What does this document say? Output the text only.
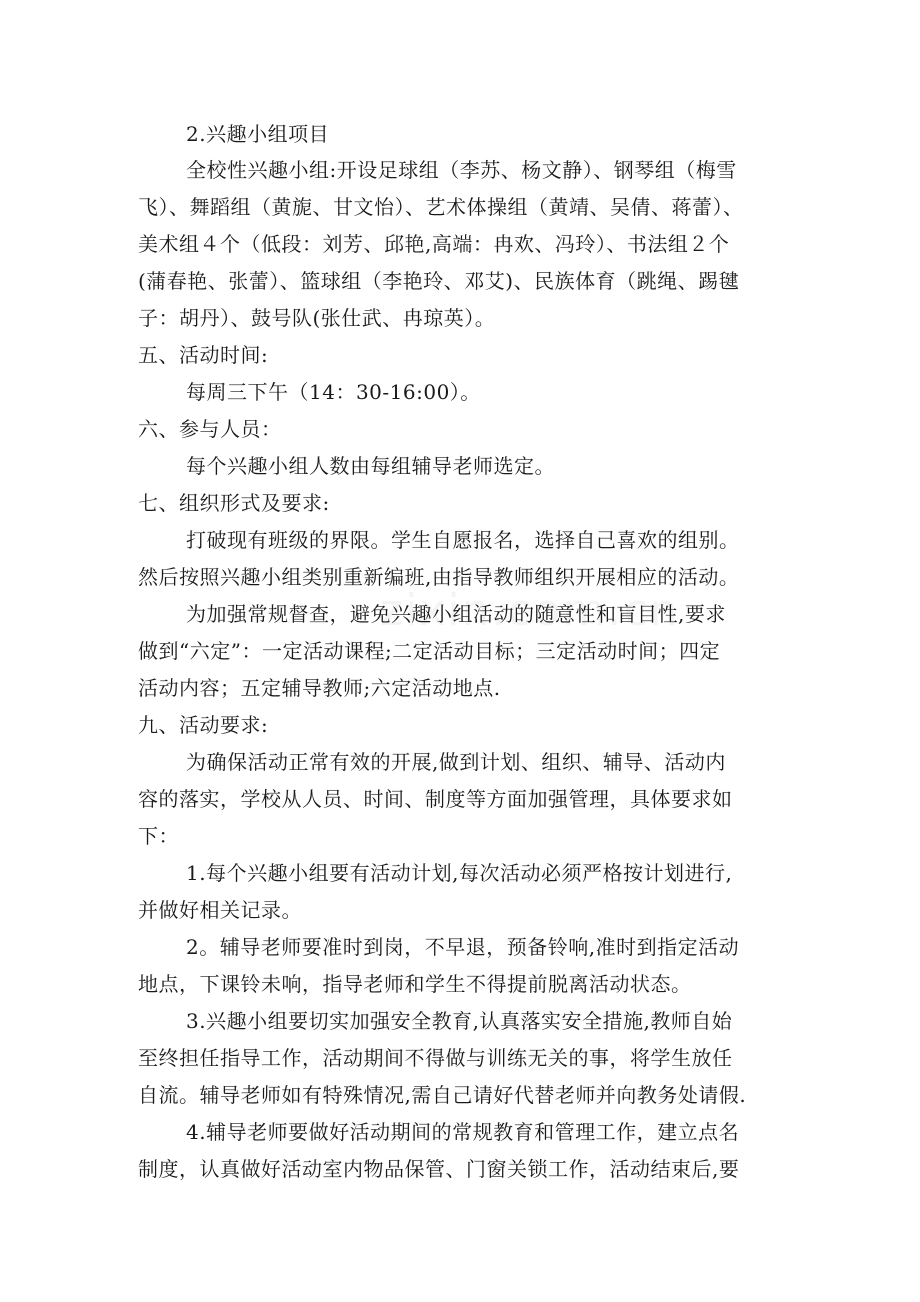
2.兴趣小组项目
全校性兴趣小组:开设足球组（李苏、杨文静）、钢琴组（梅雪
飞）、舞蹈组（黄旎、甘文怡）、艺术体操组（黄靖、吴倩、蒋蕾）、
美术组４个（低段：刘芳、邱艳,高端：冉欢、冯玲）、书法组２个
(蒲春艳、张蕾）、篮球组（李艳玲、邓艾)、民族体育（跳绳、踢毽
子：胡丹）、鼓号队(张仕武、冉琼英）。
五、活动时间:
每周三下午（14：30-16:00）。
六、参与人员：
每个兴趣小组人数由每组辅导老师选定。
七、组织形式及要求:
打破现有班级的界限。学生自愿报名，选择自己喜欢的组别。
然后按照兴趣小组类别重新编班,由指导教师组织开展相应的活动。
为加强常规督查，避免兴趣小组活动的随意性和盲目性,要求
做到“六定”：一定活动课程;二定活动目标；三定活动时间；四定
活动内容；五定辅导教师;六定活动地点.
九、活动要求:
为确保活动正常有效的开展,做到计划、组织、辅导、活动内
容的落实，学校从人员、时间、制度等方面加强管理，具体要求如
下：
1.每个兴趣小组要有活动计划,每次活动必须严格按计划进行,
并做好相关记录。
2。辅导老师要准时到岗，不早退，预备铃响,准时到指定活动
地点，下课铃未响，指导老师和学生不得提前脱离活动状态。
3.兴趣小组要切实加强安全教育,认真落实安全措施,教师自始
至终担任指导工作，活动期间不得做与训练无关的事，将学生放任
自流。辅导老师如有特殊情况,需自己请好代替老师并向教务处请假.
4.辅导老师要做好活动期间的常规教育和管理工作，建立点名
制度，认真做好活动室内物品保管、门窗关锁工作，活动结束后,要
